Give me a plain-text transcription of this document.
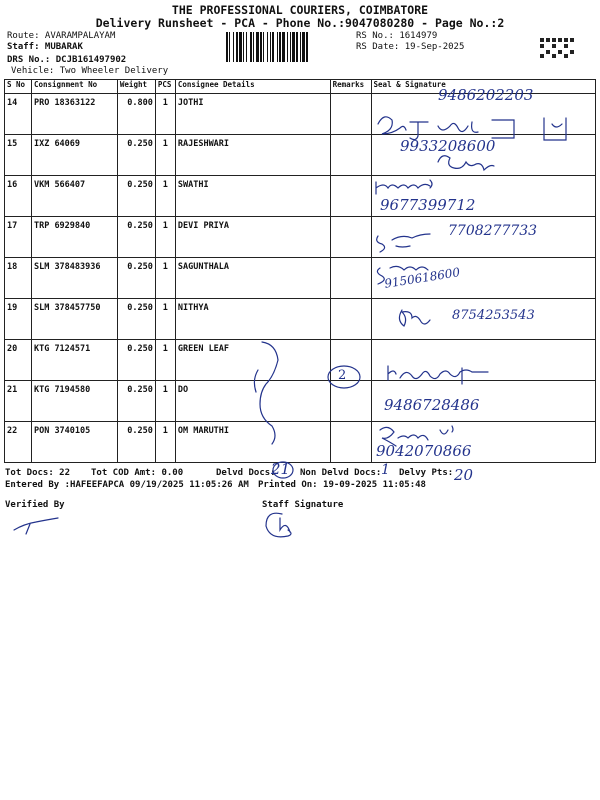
THE PROFESSIONAL COURIERS, COIMBATORE
Delivery Runsheet - PCA - Phone No.:9047080280 - Page No.:2
Route: AVARAMPALAYAM
Staff: MUBARAK
DRS No.: DCJB161497902
Vehicle: Two Wheeler Delivery
RS No.: 1614979
RS Date: 19-Sep-2025
S No	Consignment No	Weight	PCS	Consignee Details	Remarks	Seal & Signature
14	PRO 18363122	0.800	1	JOTHI		
15	IXZ 64069	0.250	1	RAJESHWARI		
16	VKM 566407	0.250	1	SWATHI		
17	TRP 6929840	0.250	1	DEVI PRIYA		
18	SLM 378483936	0.250	1	SAGUNTHALA		
19	SLM 378457750	0.250	1	NITHYA		
20	KTG 7124571	0.250	1	GREEN LEAF		
21	KTG 7194580	0.250	1	DO		
22	PON 3740105	0.250	1	OM MARUTHI		
Tot Docs: 22 Tot COD Amt: 0.00	Delvd Docs:	Non Delvd Docs: Delvy Pts:
Entered By :HAFEEFAPCA 09/19/2025 11:05:26 AM Printed On: 19-09-2025 11:05:48
Verified By	Staff Signature
9486202203
9933208600
9677399712
7708277733
9150618600
8754253543
9486728486
9042070866
2
21	1	20
